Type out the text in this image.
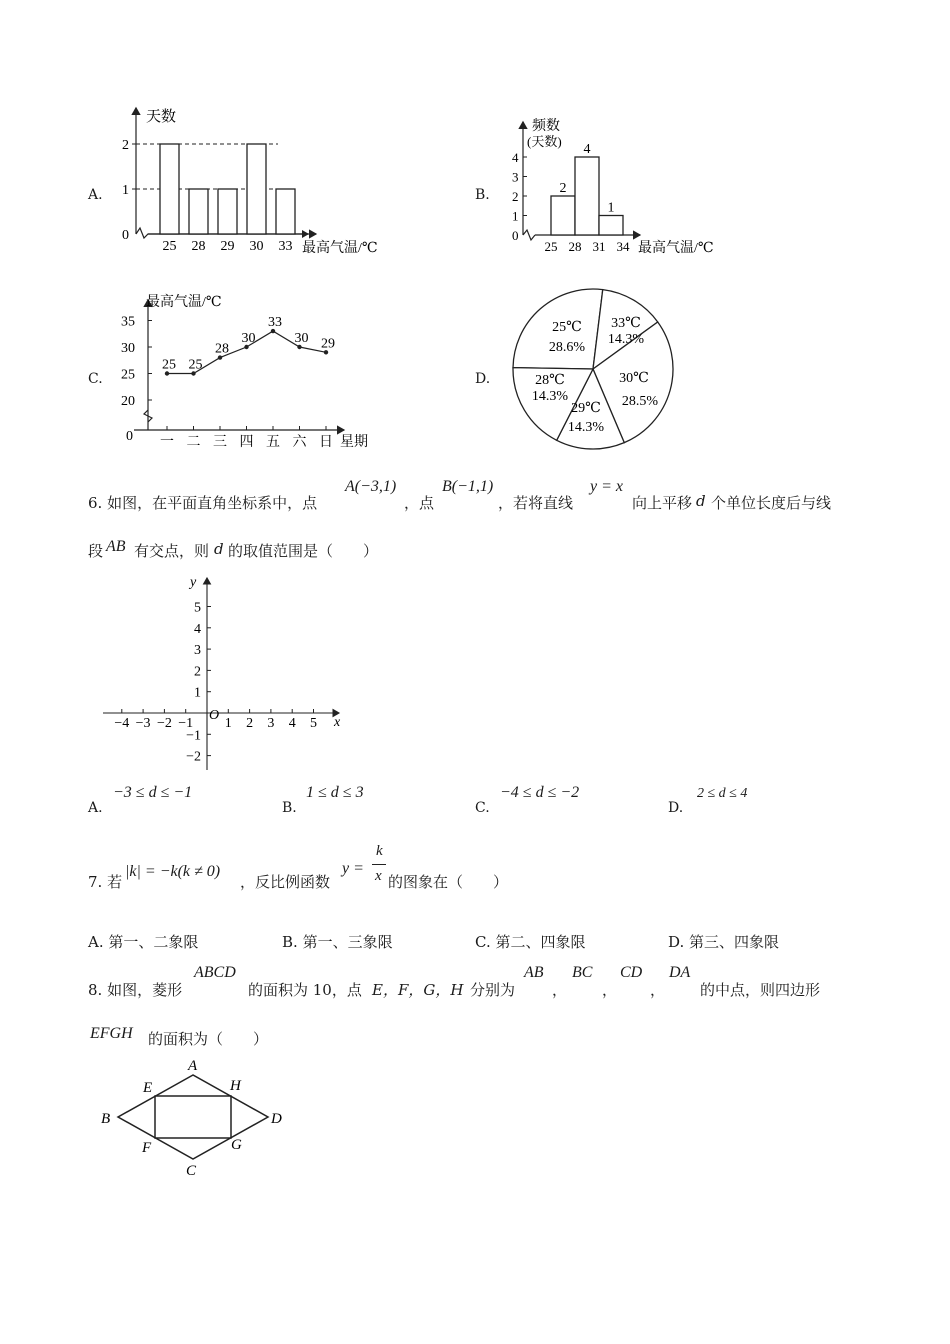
A.	B.
C.	D.
天数
0
1
2
25 28 29 30 33 最高气温/℃
频数
(天数)
0
1
2
3
4
2
4
1
25 28 31 34 最高气温/℃
最高气温/℃
0
20
25
30
35
25
一
25
二
28
三
30
四
33
五
30
六
29
日 星期
25℃
28.6%
33℃
14.3%
30℃
28.5%
29℃
14.3%
28℃
14.3%
6. 如图，在平面直角坐标系中，点
A(−3,1)
，点
B(−1,1)
，若将直线
y = x
向上平移 d 个单位长度后与线
段 AB 有交点，则 d 的取值范围是（　　）
−4 −3 −2 −1 1 2 3 4 5
5
4
3
2
1
−1
−2
O	x
y
A.
−3 ≤ d ≤ −1
B.
1 ≤ d ≤ 3
C.
−4 ≤ d ≤ −2
D.
2 ≤ d ≤ 4
7. 若
|k| = −k(k ≠ 0)
，反比例函数
y =
k
x 的图象在（　　）
A. 第一、二象限	B. 第一、三象限	C. 第二、四象限	D. 第三、四象限
8. 如图，菱形
ABCD
的面积为 10，点 E，F，G，H 分别为
AB
，
BC
，
CD
，
DA
的中点，则四边形
EFGH 的面积为（　　）
A
B
C
D
E
F	G
H
